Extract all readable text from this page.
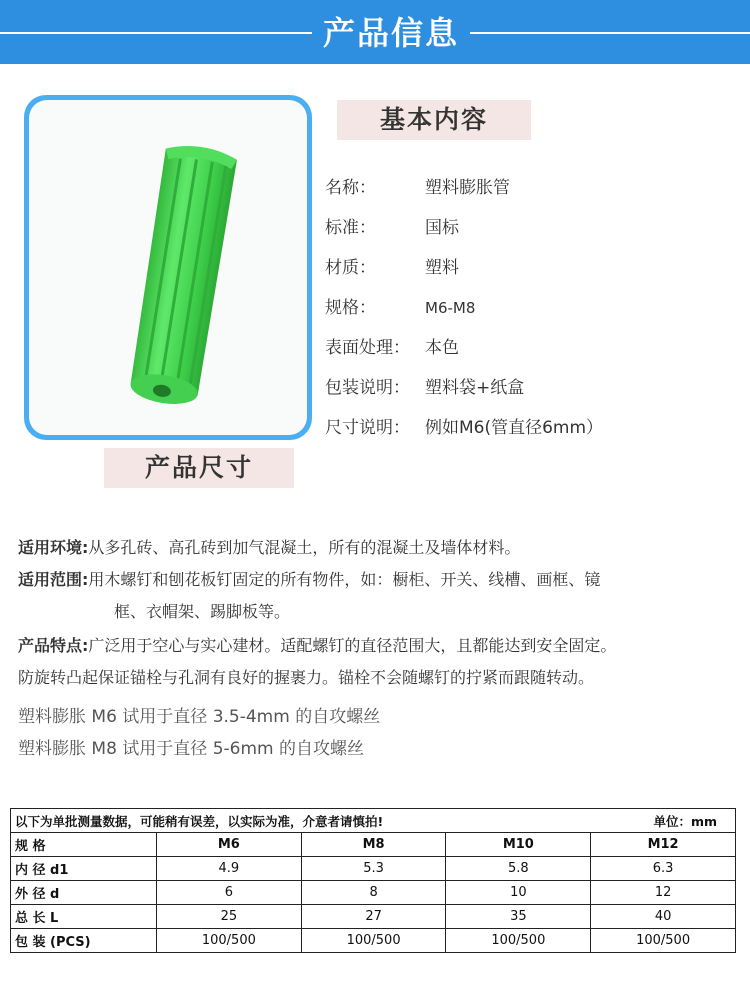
产品信息
基本内容
名称：	塑料膨胀管
标准：	国标
材质：	塑料
规格：	M6-M8
表面处理： 本色
包装说明： 塑料袋+纸盒
尺寸说明： 例如M6(管直径6mm）
产品尺寸
适用环境:从多孔砖、高孔砖到加气混凝土，所有的混凝土及墙体材料。
适用范围:用木螺钉和刨花板钉固定的所有物件，如：橱柜、开关、线槽、画框、镜
框、衣帽架、踢脚板等。
产品特点:广泛用于空心与实心建材。适配螺钉的直径范围大，且都能达到安全固定。
防旋转凸起保证锚栓与孔洞有良好的握裹力。锚栓不会随螺钉的拧紧而跟随转动。
塑料膨胀 M6 试用于直径 3.5-4mm 的自攻螺丝
塑料膨胀 M8 试用于直径 5-6mm 的自攻螺丝
以下为单批测量数据，可能稍有误差，以实际为准，介意者请慎拍! 单位：mm				

规 格	M6	M8	M10	M12
内 径 d1	4.9	5.3	5.8	6.3
外 径 d	6	8	10	12
总 长 L	25	27	35	40
包 装 (PCS)	100/500	100/500	100/500	100/500
